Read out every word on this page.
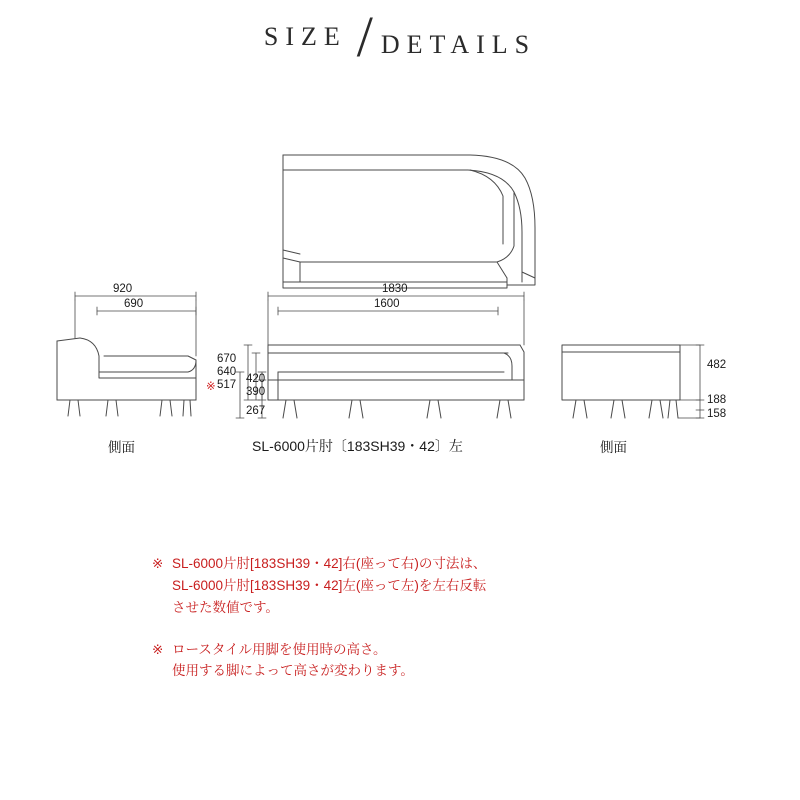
SIZE / DETAILS
920
690
1830
1600
670
640
※ 517 420
390
267
482
188
158
側面	SL-6000片肘〔183SH39・42〕左	側面
※ SL-6000片肘[183SH39・42]右(座って右)の寸法は、
SL-6000片肘[183SH39・42]左(座って左)を左右反転
させた数値です。
※ ロースタイル用脚を使用時の高さ。
使用する脚によって高さが変わります。
